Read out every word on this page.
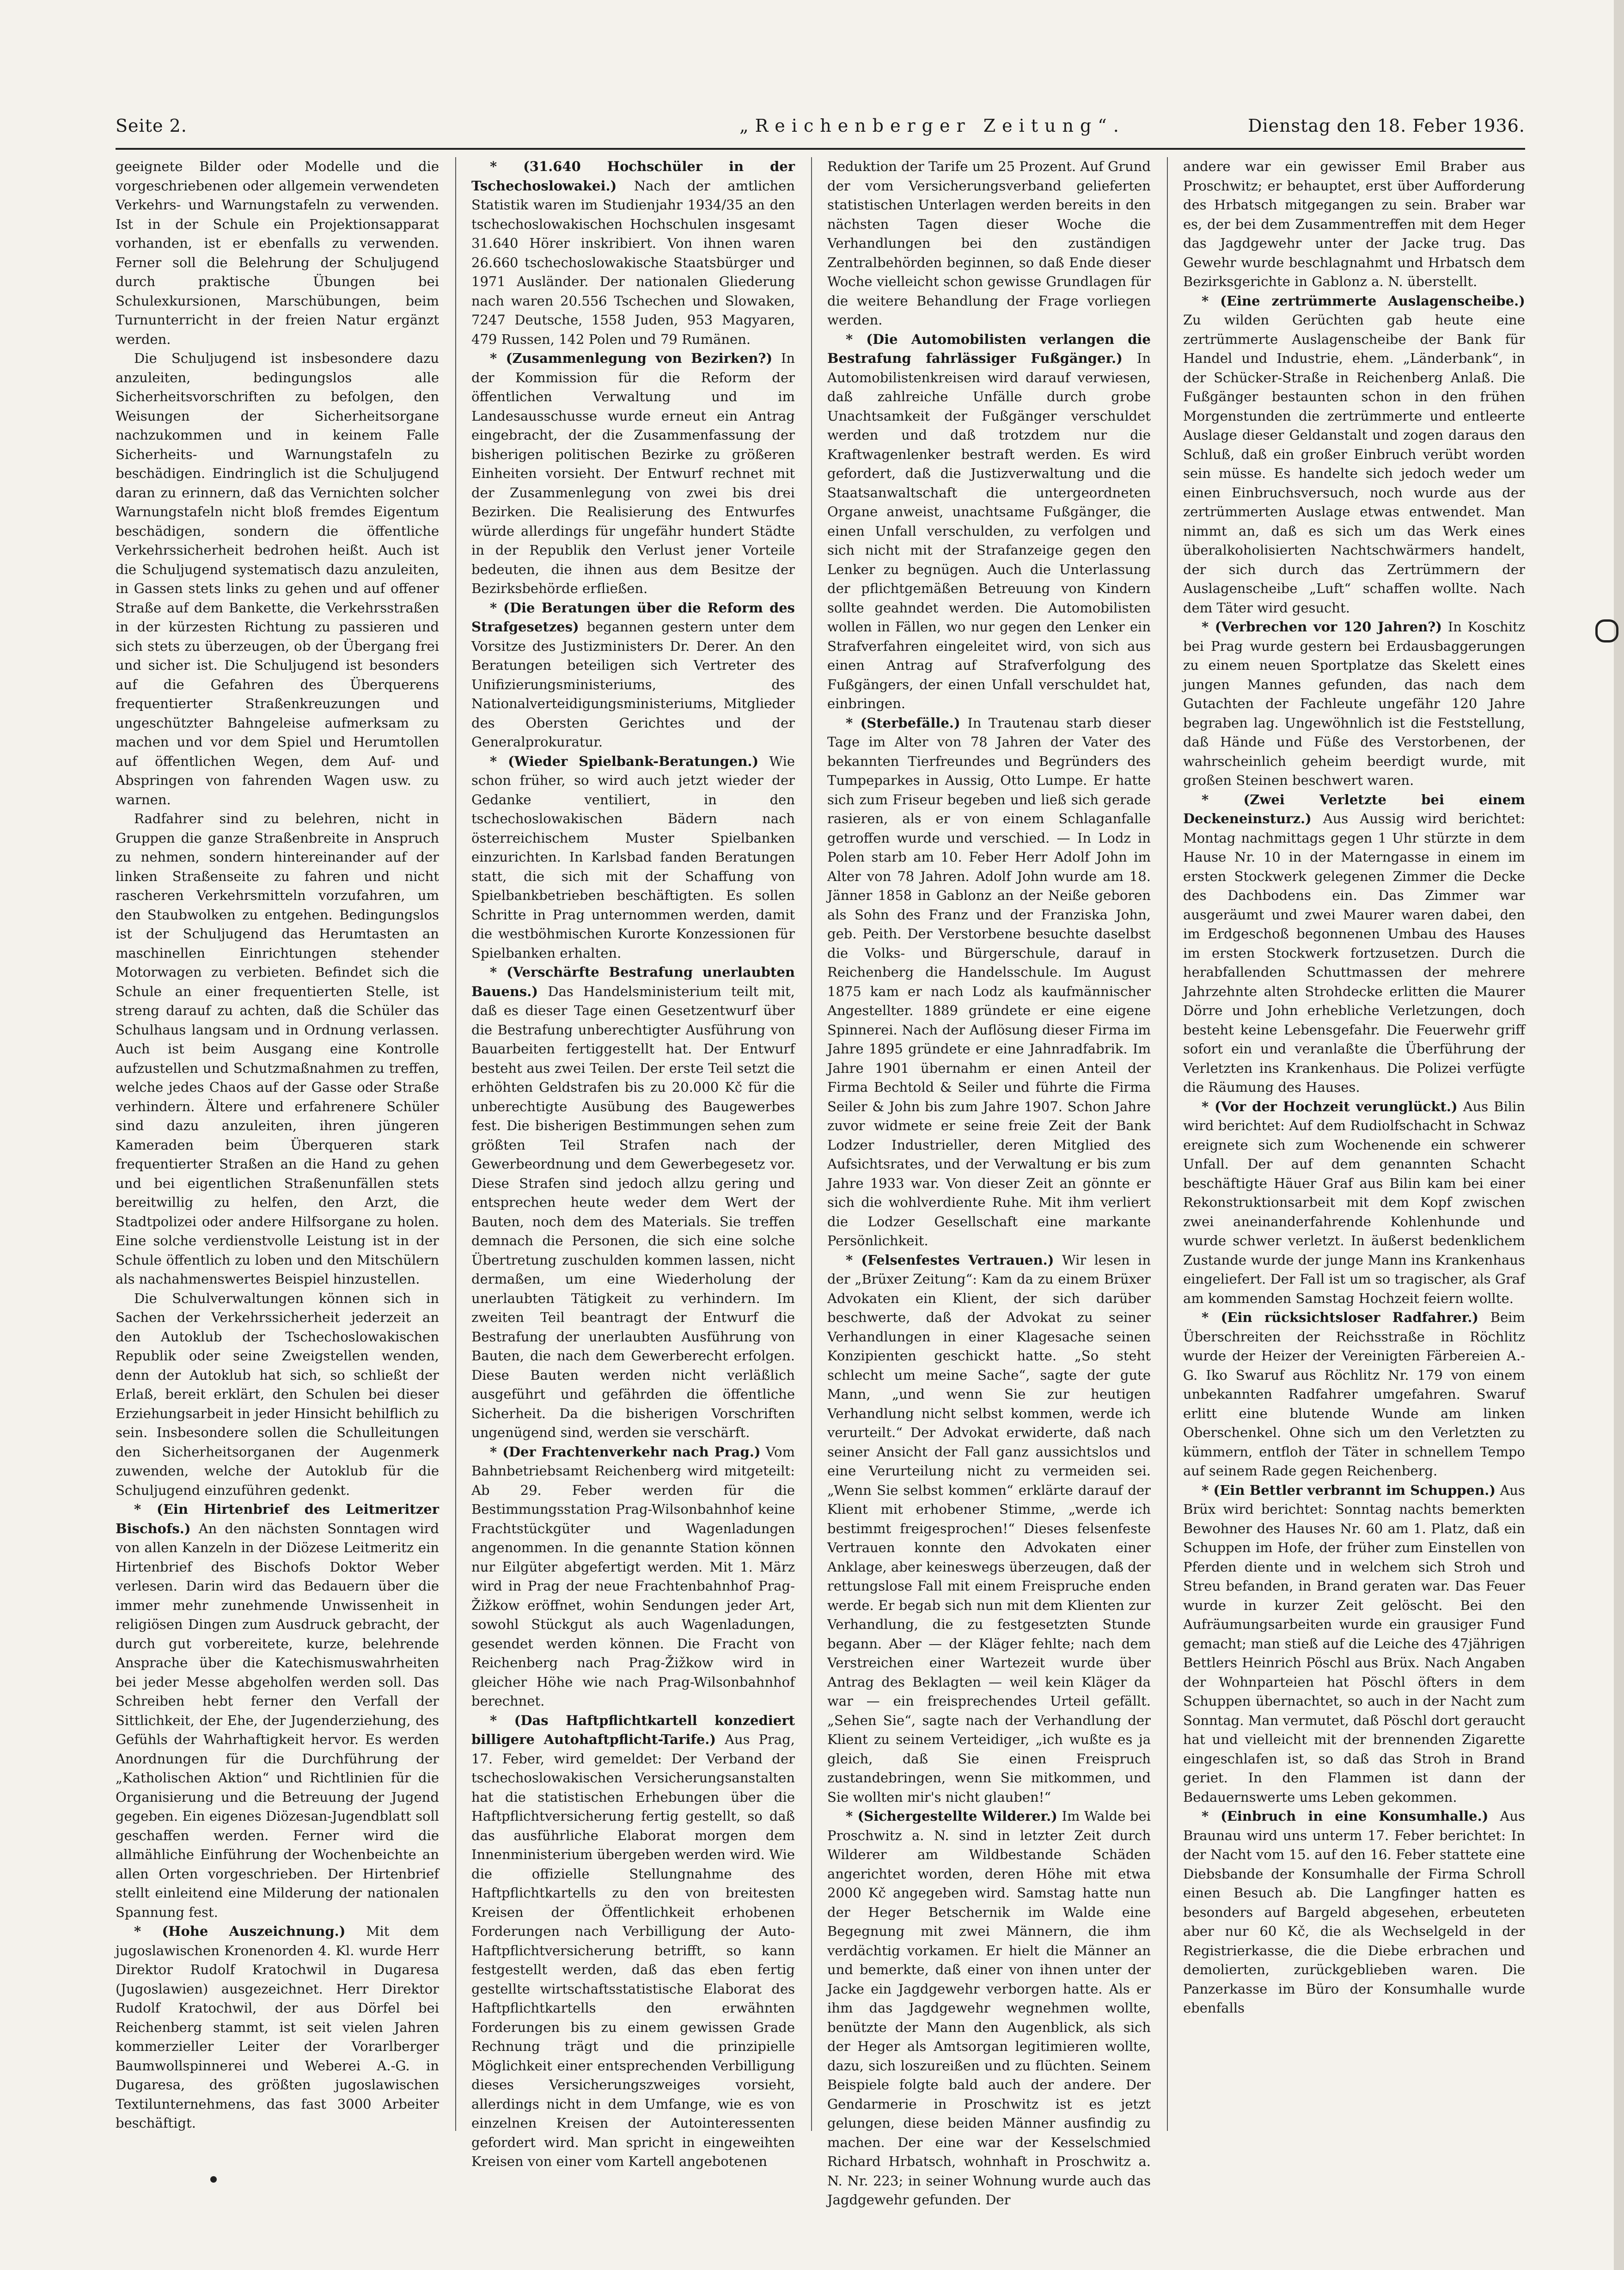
Seite 2.	„Reichenberger Zeitung“.	Dienstag den 18. Feber 1936.

geeignete Bilder oder Modelle und die vorgeschriebenen oder allgemein verwendeten Verkehrs- und Warnungstafeln zu verwenden. Ist in der Schule ein Projektionsapparat vorhanden, ist er ebenfalls zu verwenden. Ferner soll die Belehrung der Schuljugend durch praktische Übungen bei Schulexkursionen, Marschübungen, beim Turnunterricht in der freien Natur ergänzt werden.

Die Schuljugend ist insbesondere dazu anzuleiten, bedingungslos alle Sicherheitsvorschriften zu befolgen, den Weisungen der Sicherheitsorgane nachzukommen und in keinem Falle Sicherheits- und Warnungstafeln zu beschädigen. Eindringlich ist die Schuljugend daran zu erinnern, daß das Vernichten solcher Warnungstafeln nicht bloß fremdes Eigentum beschädigen, sondern die öffentliche Verkehrssicherheit bedrohen heißt. Auch ist die Schuljugend systematisch dazu anzuleiten, in Gassen stets links zu gehen und auf offener Straße auf dem Bankette, die Verkehrsstraßen in der kürzesten Richtung zu passieren und sich stets zu überzeugen, ob der Übergang frei und sicher ist. Die Schuljugend ist besonders auf die Gefahren des Überquerens frequentierter Straßenkreuzungen und ungeschützter Bahngeleise aufmerksam zu machen und vor dem Spiel und Herumtollen auf öffentlichen Wegen, dem Auf- und Abspringen von fahrenden Wagen usw. zu warnen.

Radfahrer sind zu belehren, nicht in Gruppen die ganze Straßenbreite in Anspruch zu nehmen, sondern hintereinander auf der linken Straßenseite zu fahren und nicht rascheren Verkehrsmitteln vorzufahren, um den Staubwolken zu entgehen. Bedingungslos ist der Schuljugend das Herumtasten an maschinellen Einrichtungen stehender Motorwagen zu verbieten. Befindet sich die Schule an einer frequentierten Stelle, ist streng darauf zu achten, daß die Schüler das Schulhaus langsam und in Ordnung verlassen. Auch ist beim Ausgang eine Kontrolle aufzustellen und Schutzmaßnahmen zu treffen, welche jedes Chaos auf der Gasse oder Straße verhindern. Ältere und erfahrenere Schüler sind dazu anzuleiten, ihren jüngeren Kameraden beim Überqueren stark frequentierter Straßen an die Hand zu gehen und bei eigentlichen Straßenunfällen stets bereitwillig zu helfen, den Arzt, die Stadtpolizei oder andere Hilfsorgane zu holen. Eine solche verdienstvolle Leistung ist in der Schule öffentlich zu loben und den Mitschülern als nachahmenswertes Beispiel hinzustellen.

Die Schulverwaltungen können sich in Sachen der Verkehrssicherheit jederzeit an den Autoklub der Tschechoslowakischen Republik oder seine Zweigstellen wenden, denn der Autoklub hat sich, so schließt der Erlaß, bereit erklärt, den Schulen bei dieser Erziehungsarbeit in jeder Hinsicht behilflich zu sein. Insbesondere sollen die Schulleitungen den Sicherheitsorganen der Augenmerk zuwenden, welche der Autoklub für die Schuljugend einzuführen gedenkt.

* (Ein Hirtenbrief des Leitmeritzer Bischofs.) An den nächsten Sonntagen wird von allen Kanzeln in der Diözese Leitmeritz ein Hirtenbrief des Bischofs Doktor Weber verlesen. Darin wird das Bedauern über die immer mehr zunehmende Unwissenheit in religiösen Dingen zum Ausdruck gebracht, der durch gut vorbereitete, kurze, belehrende Ansprache über die Katechismuswahrheiten bei jeder Messe abgeholfen werden soll. Das Schreiben hebt ferner den Verfall der Sittlichkeit, der Ehe, der Jugenderziehung, des Gefühls der Wahrhaftigkeit hervor. Es werden Anordnungen für die Durchführung der „Katholischen Aktion“ und Richtlinien für die Organisierung und die Betreuung der Jugend gegeben. Ein eigenes Diözesan-Jugendblatt soll geschaffen werden. Ferner wird die allmähliche Einführung der Wochenbeichte an allen Orten vorgeschrieben. Der Hirtenbrief stellt einleitend eine Milderung der nationalen Spannung fest.

* (Hohe Auszeichnung.) Mit dem jugoslawischen Kronenorden 4. Kl. wurde Herr Direktor Rudolf Kratochwil in Dugaresa (Jugoslawien) ausgezeichnet. Herr Direktor Rudolf Kratochwil, der aus Dörfel bei Reichenberg stammt, ist seit vielen Jahren kommerzieller Leiter der Vorarlberger Baumwollspinnerei und Weberei A.-G. in Dugaresa, des größten jugoslawischen Textilunternehmens, das fast 3000 Arbeiter beschäftigt.

* (31.640 Hochschüler in der Tschechoslowakei.) Nach der amtlichen Statistik waren im Studienjahr 1934/35 an den tschechoslowakischen Hochschulen insgesamt 31.640 Hörer inskribiert. Von ihnen waren 26.660 tschechoslowakische Staatsbürger und 1971 Ausländer. Der nationalen Gliederung nach waren 20.556 Tschechen und Slowaken, 7247 Deutsche, 1558 Juden, 953 Magyaren, 479 Russen, 142 Polen und 79 Rumänen.

* (Zusammenlegung von Bezirken?) In der Kommission für die Reform der öffentlichen Verwaltung und im Landesausschusse wurde erneut ein Antrag eingebracht, der die Zusammenfassung der bisherigen politischen Bezirke zu größeren Einheiten vorsieht. Der Entwurf rechnet mit der Zusammenlegung von zwei bis drei Bezirken. Die Realisierung des Entwurfes würde allerdings für ungefähr hundert Städte in der Republik den Verlust jener Vorteile bedeuten, die ihnen aus dem Besitze der Bezirksbehörde erfließen.

* (Die Beratungen über die Reform des Strafgesetzes) begannen gestern unter dem Vorsitze des Justizministers Dr. Derer. An den Beratungen beteiligen sich Vertreter des Unifizierungsministeriums, des Nationalverteidigungsministeriums, Mitglieder des Obersten Gerichtes und der Generalprokuratur.

* (Wieder Spielbank-Beratungen.) Wie schon früher, so wird auch jetzt wieder der Gedanke ventiliert, in den tschechoslowakischen Bädern nach österreichischem Muster Spielbanken einzurichten. In Karlsbad fanden Beratungen statt, die sich mit der Schaffung von Spielbankbetrieben beschäftigten. Es sollen Schritte in Prag unternommen werden, damit die westböhmischen Kurorte Konzessionen für Spielbanken erhalten.

* (Verschärfte Bestrafung unerlaubten Bauens.) Das Handelsministerium teilt mit, daß es dieser Tage einen Gesetzentwurf über die Bestrafung unberechtigter Ausführung von Bauarbeiten fertiggestellt hat. Der Entwurf besteht aus zwei Teilen. Der erste Teil setzt die erhöhten Geldstrafen bis zu 20.000 Kč für die unberechtigte Ausübung des Baugewerbes fest. Die bisherigen Bestimmungen sehen zum größten Teil Strafen nach der Gewerbeordnung und dem Gewerbegesetz vor. Diese Strafen sind jedoch allzu gering und entsprechen heute weder dem Wert der Bauten, noch dem des Materials. Sie treffen demnach die Personen, die sich eine solche Übertretung zuschulden kommen lassen, nicht dermaßen, um eine Wiederholung der unerlaubten Tätigkeit zu verhindern. Im zweiten Teil beantragt der Entwurf die Bestrafung der unerlaubten Ausführung von Bauten, die nach dem Gewerberecht erfolgen. Diese Bauten werden nicht verläßlich ausgeführt und gefährden die öffentliche Sicherheit. Da die bisherigen Vorschriften ungenügend sind, werden sie verschärft.

* (Der Frachtenverkehr nach Prag.) Vom Bahnbetriebsamt Reichenberg wird mitgeteilt: Ab 29. Feber werden für die Bestimmungsstation Prag-Wilsonbahnhof keine Frachtstückgüter und Wagenladungen angenommen. In die genannte Station können nur Eilgüter abgefertigt werden. Mit 1. März wird in Prag der neue Frachtenbahnhof Prag-Žižkow eröffnet, wohin Sendungen jeder Art, sowohl Stückgut als auch Wagenladungen, gesendet werden können. Die Fracht von Reichenberg nach Prag-Žižkow wird in gleicher Höhe wie nach Prag-Wilsonbahnhof berechnet.

* (Das Haftpflichtkartell konzediert billigere Autohaftpflicht-Tarife.) Aus Prag, 17. Feber, wird gemeldet: Der Verband der tschechoslowakischen Versicherungsanstalten hat die statistischen Erhebungen über die Haftpflichtversicherung fertig gestellt, so daß das ausführliche Elaborat morgen dem Innenministerium übergeben werden wird. Wie die offizielle Stellungnahme des Haftpflichtkartells zu den von breitesten Kreisen der Öffentlichkeit erhobenen Forderungen nach Verbilligung der Auto-Haftpflichtversicherung betrifft, so kann festgestellt werden, daß das eben fertig gestellte wirtschaftsstatistische Elaborat des Haftpflichtkartells den erwähnten Forderungen bis zu einem gewissen Grade Rechnung trägt und die prinzipielle Möglichkeit einer entsprechenden Verbilligung dieses Versicherungszweiges vorsieht, allerdings nicht in dem Umfange, wie es von einzelnen Kreisen der Autointeressenten gefordert wird. Man spricht in eingeweihten Kreisen von einer vom Kartell angebotenen

Reduktion der Tarife um 25 Prozent. Auf Grund der vom Versicherungsverband gelieferten statistischen Unterlagen werden bereits in den nächsten Tagen dieser Woche die Verhandlungen bei den zuständigen Zentralbehörden beginnen, so daß Ende dieser Woche vielleicht schon gewisse Grundlagen für die weitere Behandlung der Frage vorliegen werden.

* (Die Automobilisten verlangen die Bestrafung fahrlässiger Fußgänger.) In Automobilistenkreisen wird darauf verwiesen, daß zahlreiche Unfälle durch grobe Unachtsamkeit der Fußgänger verschuldet werden und daß trotzdem nur die Kraftwagenlenker bestraft werden. Es wird gefordert, daß die Justizverwaltung und die Staatsanwaltschaft die untergeordneten Organe anweist, unachtsame Fußgänger, die einen Unfall verschulden, zu verfolgen und sich nicht mit der Strafanzeige gegen den Lenker zu begnügen. Auch die Unterlassung der pflichtgemäßen Betreuung von Kindern sollte geahndet werden. Die Automobilisten wollen in Fällen, wo nur gegen den Lenker ein Strafverfahren eingeleitet wird, von sich aus einen Antrag auf Strafverfolgung des Fußgängers, der einen Unfall verschuldet hat, einbringen.

* (Sterbefälle.) In Trautenau starb dieser Tage im Alter von 78 Jahren der Vater des bekannten Tierfreundes und Begründers des Tumpeparkes in Aussig, Otto Lumpe. Er hatte sich zum Friseur begeben und ließ sich gerade rasieren, als er von einem Schlaganfalle getroffen wurde und verschied. — In Lodz in Polen starb am 10. Feber Herr Adolf John im Alter von 78 Jahren. Adolf John wurde am 18. Jänner 1858 in Gablonz an der Neiße geboren als Sohn des Franz und der Franziska John, geb. Peith. Der Verstorbene besuchte daselbst die Volks- und Bürgerschule, darauf in Reichenberg die Handelsschule. Im August 1875 kam er nach Lodz als kaufmännischer Angestellter. 1889 gründete er eine eigene Spinnerei. Nach der Auflösung dieser Firma im Jahre 1895 gründete er eine Jahnradfabrik. Im Jahre 1901 übernahm er einen Anteil der Firma Bechtold & Seiler und führte die Firma Seiler & John bis zum Jahre 1907. Schon Jahre zuvor widmete er seine freie Zeit der Bank Lodzer Industrieller, deren Mitglied des Aufsichtsrates, und der Verwaltung er bis zum Jahre 1933 war. Von dieser Zeit an gönnte er sich die wohlverdiente Ruhe. Mit ihm verliert die Lodzer Gesellschaft eine markante Persönlichkeit.

* (Felsenfestes Vertrauen.) Wir lesen in der „Brüxer Zeitung“: Kam da zu einem Brüxer Advokaten ein Klient, der sich darüber beschwerte, daß der Advokat zu seiner Verhandlungen in einer Klagesache seinen Konzipienten geschickt hatte. „So steht schlecht um meine Sache“, sagte der gute Mann, „und wenn Sie zur heutigen Verhandlung nicht selbst kommen, werde ich verurteilt.“ Der Advokat erwiderte, daß nach seiner Ansicht der Fall ganz aussichtslos und eine Verurteilung nicht zu vermeiden sei. „Wenn Sie selbst kommen“ erklärte darauf der Klient mit erhobener Stimme, „werde ich bestimmt freigesprochen!“ Dieses felsenfeste Vertrauen konnte den Advokaten einer Anklage, aber keineswegs überzeugen, daß der rettungslose Fall mit einem Freispruche enden werde. Er begab sich nun mit dem Klienten zur Verhandlung, die zu festgesetzten Stunde begann. Aber — der Kläger fehlte; nach dem Verstreichen einer Wartezeit wurde über Antrag des Beklagten — weil kein Kläger da war — ein freisprechendes Urteil gefällt. „Sehen Sie“, sagte nach der Verhandlung der Klient zu seinem Verteidiger, „ich wußte es ja gleich, daß Sie einen Freispruch zustandebringen, wenn Sie mitkommen, und Sie wollten mir's nicht glauben!“

* (Sichergestellte Wilderer.) Im Walde bei Proschwitz a. N. sind in letzter Zeit durch Wilderer am Wildbestande Schäden angerichtet worden, deren Höhe mit etwa 2000 Kč angegeben wird. Samstag hatte nun der Heger Betschernik im Walde eine Begegnung mit zwei Männern, die ihm verdächtig vorkamen. Er hielt die Männer an und bemerkte, daß einer von ihnen unter der Jacke ein Jagdgewehr verborgen hatte. Als er ihm das Jagdgewehr wegnehmen wollte, benützte der Mann den Augenblick, als sich der Heger als Amtsorgan legitimieren wollte, dazu, sich loszureißen und zu flüchten. Seinem Beispiele folgte bald auch der andere. Der Gendarmerie in Proschwitz ist es jetzt gelungen, diese beiden Männer ausfindig zu machen. Der eine war der Kesselschmied Richard Hrbatsch, wohnhaft in Proschwitz a. N. Nr. 223; in seiner Wohnung wurde auch das Jagdgewehr gefunden. Der

andere war ein gewisser Emil Braber aus Proschwitz; er behauptet, erst über Aufforderung des Hrbatsch mitgegangen zu sein. Braber war es, der bei dem Zusammentreffen mit dem Heger das Jagdgewehr unter der Jacke trug. Das Gewehr wurde beschlagnahmt und Hrbatsch dem Bezirksgerichte in Gablonz a. N. überstellt.

* (Eine zertrümmerte Auslagenscheibe.) Zu wilden Gerüchten gab heute eine zertrümmerte Auslagenscheibe der Bank für Handel und Industrie, ehem. „Länderbank“, in der Schücker-Straße in Reichenberg Anlaß. Die Fußgänger bestaunten schon in den frühen Morgenstunden die zertrümmerte und entleerte Auslage dieser Geldanstalt und zogen daraus den Schluß, daß ein großer Einbruch verübt worden sein müsse. Es handelte sich jedoch weder um einen Einbruchsversuch, noch wurde aus der zertrümmerten Auslage etwas entwendet. Man nimmt an, daß es sich um das Werk eines überalkoholisierten Nachtschwärmers handelt, der sich durch das Zertrümmern der Auslagenscheibe „Luft“ schaffen wollte. Nach dem Täter wird gesucht.

* (Verbrechen vor 120 Jahren?) In Koschitz bei Prag wurde gestern bei Erdausbaggerungen zu einem neuen Sportplatze das Skelett eines jungen Mannes gefunden, das nach dem Gutachten der Fachleute ungefähr 120 Jahre begraben lag. Ungewöhnlich ist die Feststellung, daß Hände und Füße des Verstorbenen, der wahrscheinlich geheim beerdigt wurde, mit großen Steinen beschwert waren.

* (Zwei Verletzte bei einem Deckeneinsturz.) Aus Aussig wird berichtet: Montag nachmittags gegen 1 Uhr stürzte in dem Hause Nr. 10 in der Materngasse in einem im ersten Stockwerk gelegenen Zimmer die Decke des Dachbodens ein. Das Zimmer war ausgeräumt und zwei Maurer waren dabei, den im Erdgeschoß begonnenen Umbau des Hauses im ersten Stockwerk fortzusetzen. Durch die herabfallenden Schuttmassen der mehrere Jahrzehnte alten Strohdecke erlitten die Maurer Dörre und John erhebliche Verletzungen, doch besteht keine Lebensgefahr. Die Feuerwehr griff sofort ein und veranlaßte die Überführung der Verletzten ins Krankenhaus. Die Polizei verfügte die Räumung des Hauses.

* (Vor der Hochzeit verunglückt.) Aus Bilin wird berichtet: Auf dem Rudiolfschacht in Schwaz ereignete sich zum Wochenende ein schwerer Unfall. Der auf dem genannten Schacht beschäftigte Häuer Graf aus Bilin kam bei einer Rekonstruktionsarbeit mit dem Kopf zwischen zwei aneinanderfahrende Kohlenhunde und wurde schwer verletzt. In äußerst bedenklichem Zustande wurde der junge Mann ins Krankenhaus eingeliefert. Der Fall ist um so tragischer, als Graf am kommenden Samstag Hochzeit feiern wollte.

* (Ein rücksichtsloser Radfahrer.) Beim Überschreiten der Reichsstraße in Röchlitz wurde der Heizer der Vereinigten Färbereien A.-G. Iko Swaruf aus Röchlitz Nr. 179 von einem unbekannten Radfahrer umgefahren. Swaruf erlitt eine blutende Wunde am linken Oberschenkel. Ohne sich um den Verletzten zu kümmern, entfloh der Täter in schnellem Tempo auf seinem Rade gegen Reichenberg.

* (Ein Bettler verbrannt im Schuppen.) Aus Brüx wird berichtet: Sonntag nachts bemerkten Bewohner des Hauses Nr. 60 am 1. Platz, daß ein Schuppen im Hofe, der früher zum Einstellen von Pferden diente und in welchem sich Stroh und Streu befanden, in Brand geraten war. Das Feuer wurde in kurzer Zeit gelöscht. Bei den Aufräumungsarbeiten wurde ein grausiger Fund gemacht; man stieß auf die Leiche des 47jährigen Bettlers Heinrich Pöschl aus Brüx. Nach Angaben der Wohnparteien hat Pöschl öfters in dem Schuppen übernachtet, so auch in der Nacht zum Sonntag. Man vermutet, daß Pöschl dort geraucht hat und vielleicht mit der brennenden Zigarette eingeschlafen ist, so daß das Stroh in Brand geriet. In den Flammen ist dann der Bedauernswerte ums Leben gekommen.

* (Einbruch in eine Konsumhalle.) Aus Braunau wird uns unterm 17. Feber berichtet: In der Nacht vom 15. auf den 16. Feber stattete eine Diebsbande der Konsumhalle der Firma Schroll einen Besuch ab. Die Langfinger hatten es besonders auf Bargeld abgesehen, erbeuteten aber nur 60 Kč, die als Wechselgeld in der Registrierkasse, die die Diebe erbrachen und demolierten, zurückgeblieben waren. Die Panzerkasse im Büro der Konsumhalle wurde ebenfalls
